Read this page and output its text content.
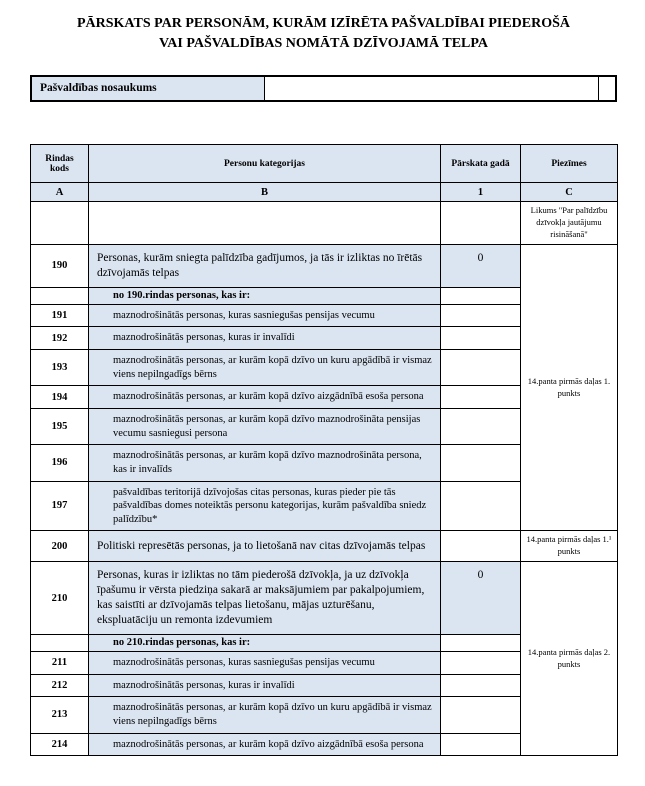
PĀRSKATS PAR PERSONĀM, KURĀM IZĪRĒTA PAŠVALDĪBAI PIEDEROŠĀ
VAI PAŠVALDĪBAS NOMĀTĀ DZĪVOJAMĀ TELPA
Pašvaldības nosaukums
Rindas kods	Personu kategorijas	Pārskata gadā	Piezīmes
A	B	1	C
			Likums "Par palīdzību dzīvokļa jautājumu risināšanā"
190	Personas, kurām sniegta palīdzība gadījumos, ja tās ir izliktas no īrētās dzīvojamās telpas	0	14.panta pirmās daļas 1. punkts
	no 190.rindas personas, kas ir:		
191	maznodrošinātās personas, kuras sasniegušas pensijas vecumu		
192	maznodrošinātās personas, kuras ir invalīdi		
193	maznodrošinātās personas, ar kurām kopā dzīvo un kuru apgādībā ir vismaz viens nepilngadīgs bērns		
194	maznodrošinātās personas, ar kurām kopā dzīvo aizgādnībā esoša persona		
195	maznodrošinātās personas, ar kurām kopā dzīvo maznodrošināta pensijas vecumu sasniegusi persona		
196	maznodrošinātās personas, ar kurām kopā dzīvo maznodrošināta persona, kas ir invalīds		
197	pašvaldības teritorijā dzīvojošas citas personas, kuras pieder pie tās pašvaldības domes noteiktās personu kategorijas, kurām pašvaldība sniedz palīdzību*		
200	Politiski represētās personas, ja to lietošanā nav citas dzīvojamās telpas		14.panta pirmās daļas 1.¹ punkts
210	Personas, kuras ir izliktas no tām piederošā dzīvokļa, ja uz dzīvokļa īpašumu ir vērsta piedziņa sakarā ar maksājumiem par pakalpojumiem, kas saistīti ar dzīvojamās telpas lietošanu, mājas uzturēšanu, ekspluatāciju un remonta izdevumiem	0	14.panta pirmās daļas 2. punkts
	no 210.rindas personas, kas ir:		
211	maznodrošinātās personas, kuras sasniegušas pensijas vecumu		
212	maznodrošinātās personas, kuras ir invalīdi		
213	maznodrošinātās personas, ar kurām kopā dzīvo un kuru apgādībā ir vismaz viens nepilngadīgs bērns		
214	maznodrošinātās personas, ar kurām kopā dzīvo aizgādnībā esoša persona		
